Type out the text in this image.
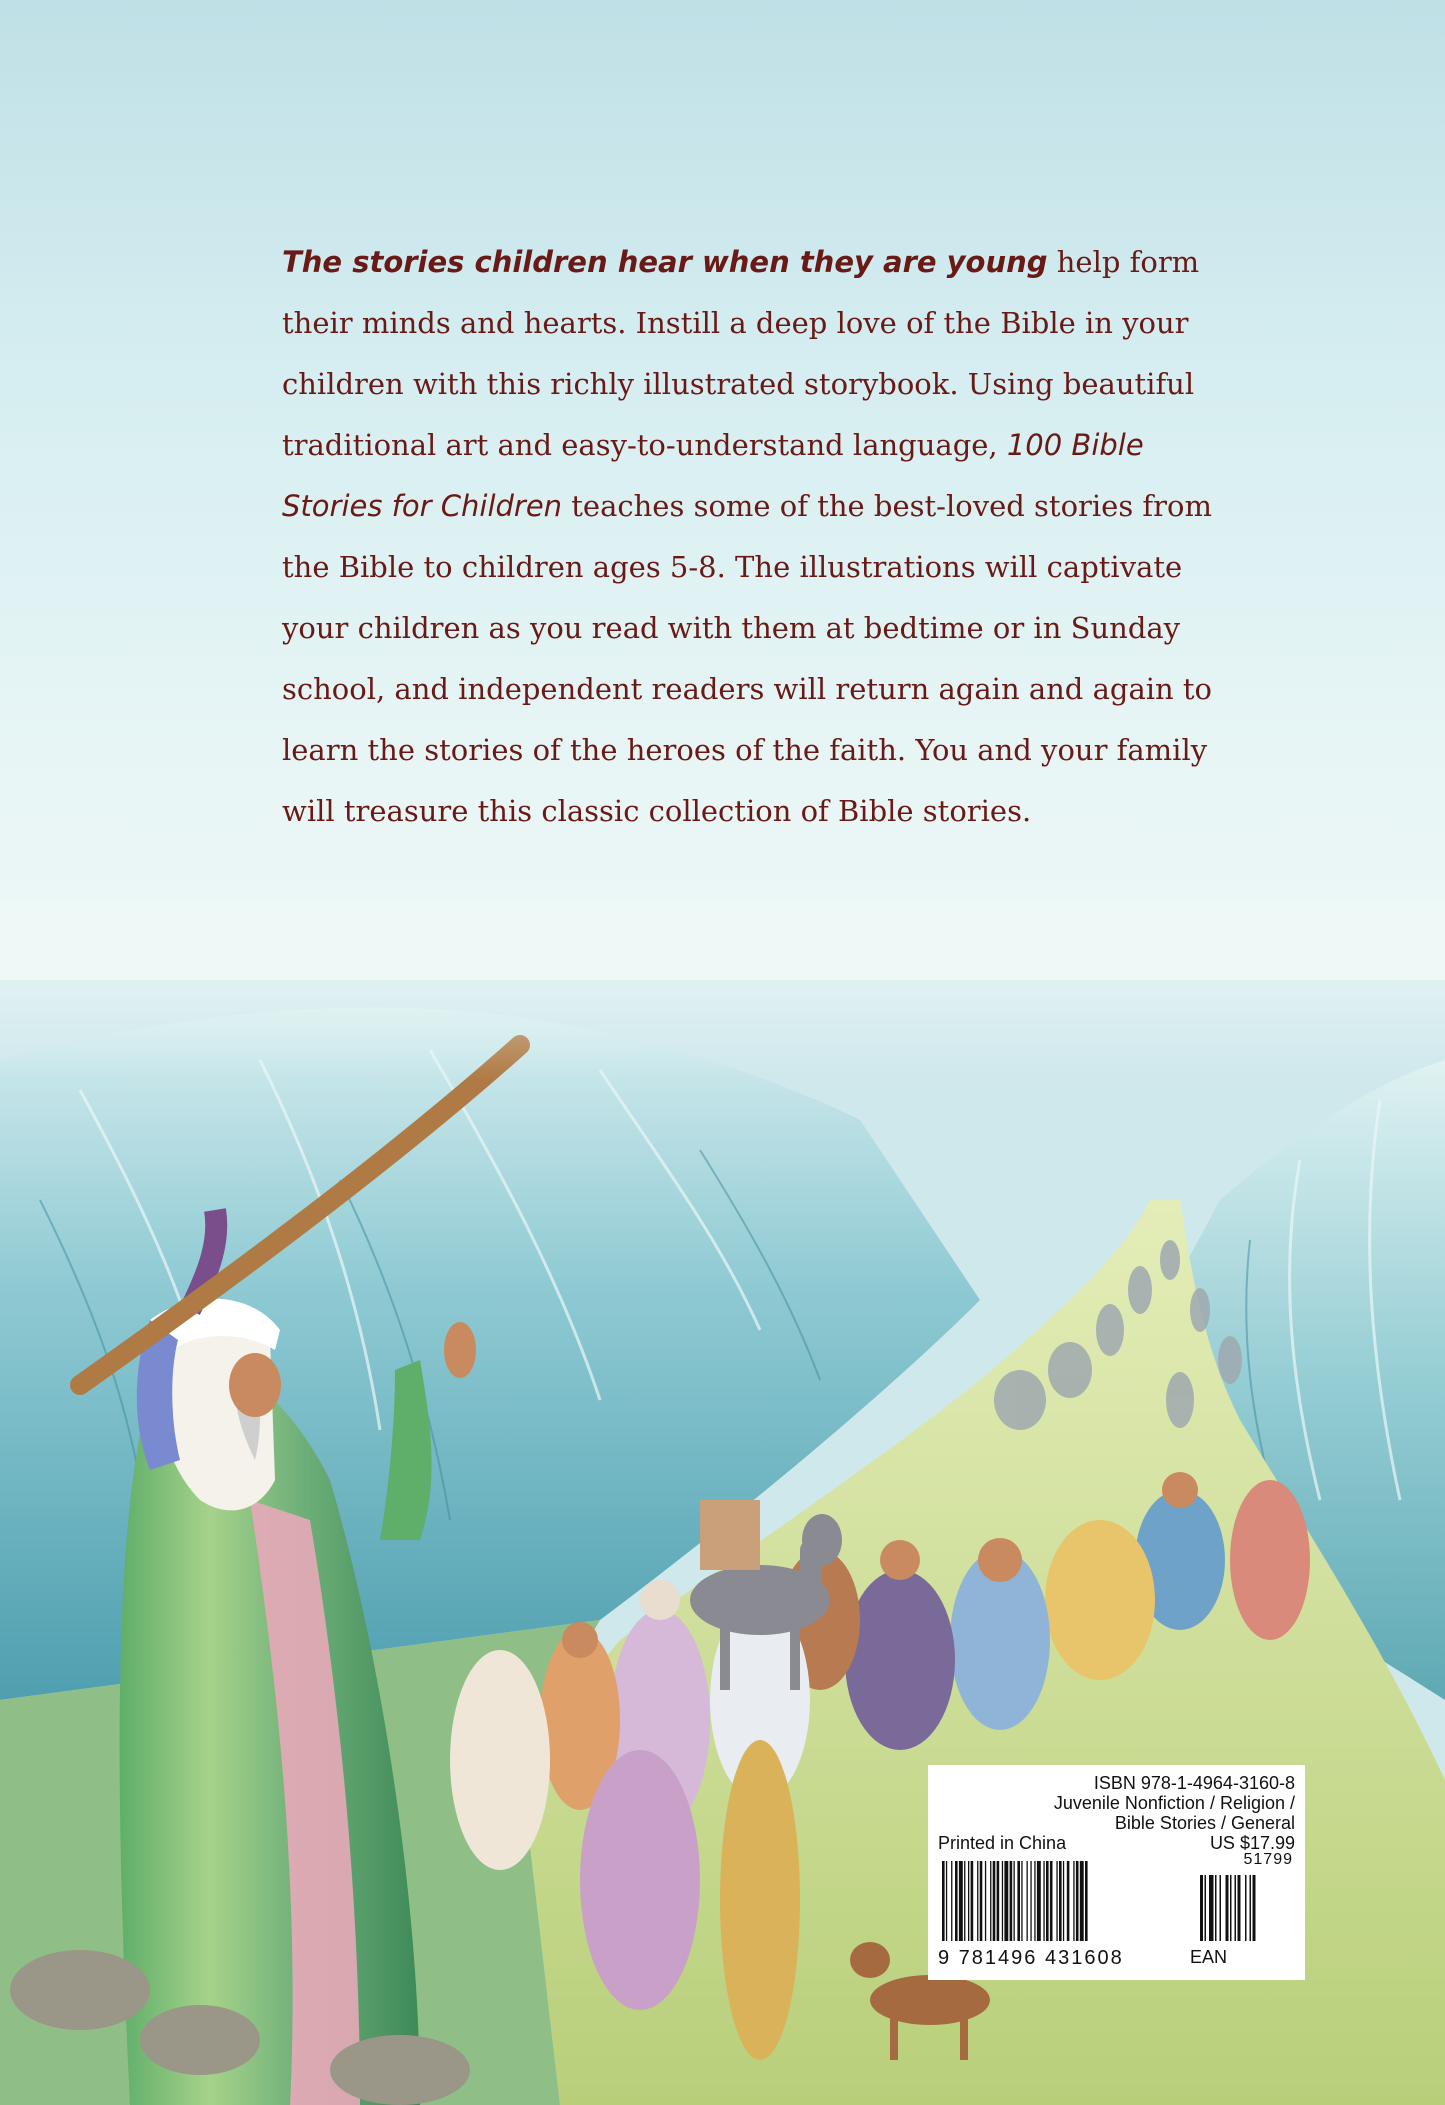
The stories children hear when they are young help form their minds and hearts. Instill a deep love of the Bible in your children with this richly illustrated storybook. Using beautiful traditional art and easy-to-understand language, 100 Bible Stories for Children teaches some of the best-loved stories from the Bible to children ages 5-8. The illustrations will captivate your children as you read with them at bedtime or in Sunday school, and independent readers will return again and again to learn the stories of the heroes of the faith. You and your family will treasure this classic collection of Bible stories.

ISBN 978-1-4964-3160-8
Juvenile Nonfiction / Religion /
Bible Stories / General
Printed in China	US $17.99
51799
9 781496 431608	EAN
